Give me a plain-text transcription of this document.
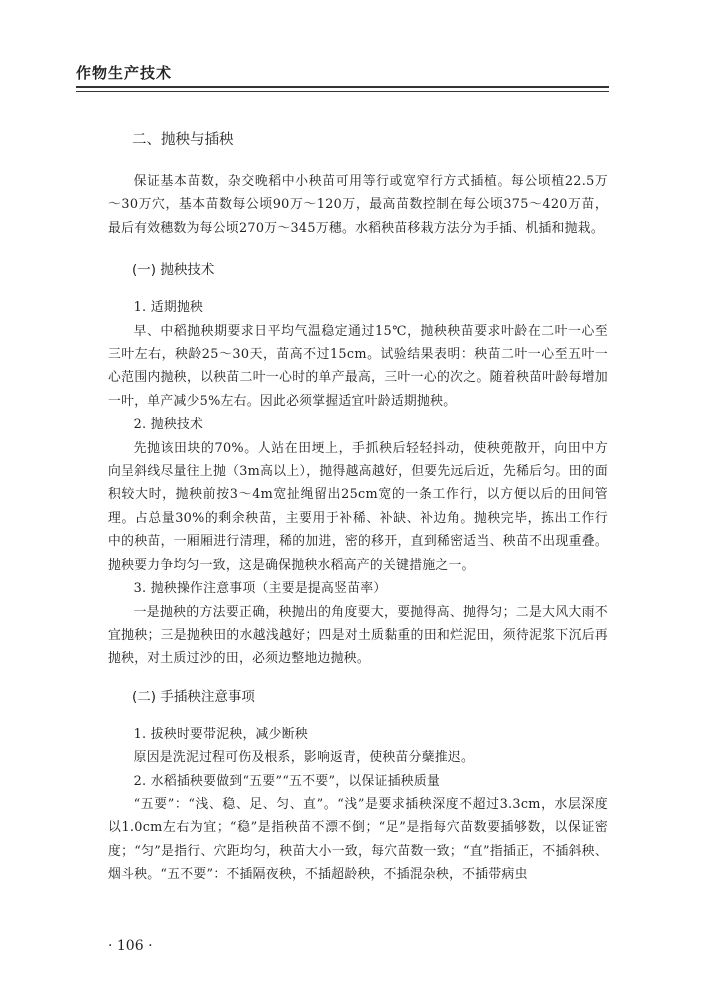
作物生产技术

二、抛秧与插秧

保证基本苗数，杂交晚稻中小秧苗可用等行或宽窄行方式插植。每公顷植22.5万～30万穴，基本苗数每公顷90万～120万，最高苗数控制在每公顷375～420万苗，最后有效穗数为每公顷270万～345万穗。水稻秧苗移栽方法分为手插、机插和抛栽。

(一) 抛秧技术

1. 适期抛秧

早、中稻抛秧期要求日平均气温稳定通过15℃，抛秧秧苗要求叶龄在二叶一心至三叶左右，秧龄25～30天，苗高不过15cm。试验结果表明：秧苗二叶一心至五叶一心范围内抛秧，以秧苗二叶一心时的单产最高，三叶一心的次之。随着秧苗叶龄每增加一叶，单产减少5%左右。因此必须掌握适宜叶龄适期抛秧。

2. 抛秧技术

先抛该田块的70%。人站在田埂上，手抓秧后轻轻抖动，使秧蔸散开，向田中方向呈斜线尽量往上抛（3m高以上），抛得越高越好，但要先远后近，先稀后匀。田的面积较大时，抛秧前按3～4m宽扯绳留出25cm宽的一条工作行，以方便以后的田间管理。占总量30%的剩余秧苗，主要用于补稀、补缺、补边角。抛秧完毕，拣出工作行中的秧苗，一厢厢进行清理，稀的加进，密的移开，直到稀密适当、秧苗不出现重叠。抛秧要力争均匀一致，这是确保抛秧水稻高产的关键措施之一。

3. 抛秧操作注意事项（主要是提高竖苗率）

一是抛秧的方法要正确，秧抛出的角度要大，要抛得高、抛得匀；二是大风大雨不宜抛秧；三是抛秧田的水越浅越好；四是对土质黏重的田和烂泥田，须待泥浆下沉后再抛秧，对土质过沙的田，必须边整地边抛秧。

(二) 手插秧注意事项

1. 拔秧时要带泥秧，减少断秧

原因是洗泥过程可伤及根系，影响返青，使秧苗分蘖推迟。

2. 水稻插秧要做到“五要”“五不要”，以保证插秧质量

“五要”：“浅、稳、足、匀、直”。“浅”是要求插秧深度不超过3.3cm，水层深度以1.0cm左右为宜；“稳”是指秧苗不漂不倒；“足”是指每穴苗数要插够数，以保证密度；“匀”是指行、穴距均匀，秧苗大小一致，每穴苗数一致；“直”指插正，不插斜秧、烟斗秧。“五不要”：不插隔夜秧，不插超龄秧，不插混杂秧，不插带病虫

· 106 ·
